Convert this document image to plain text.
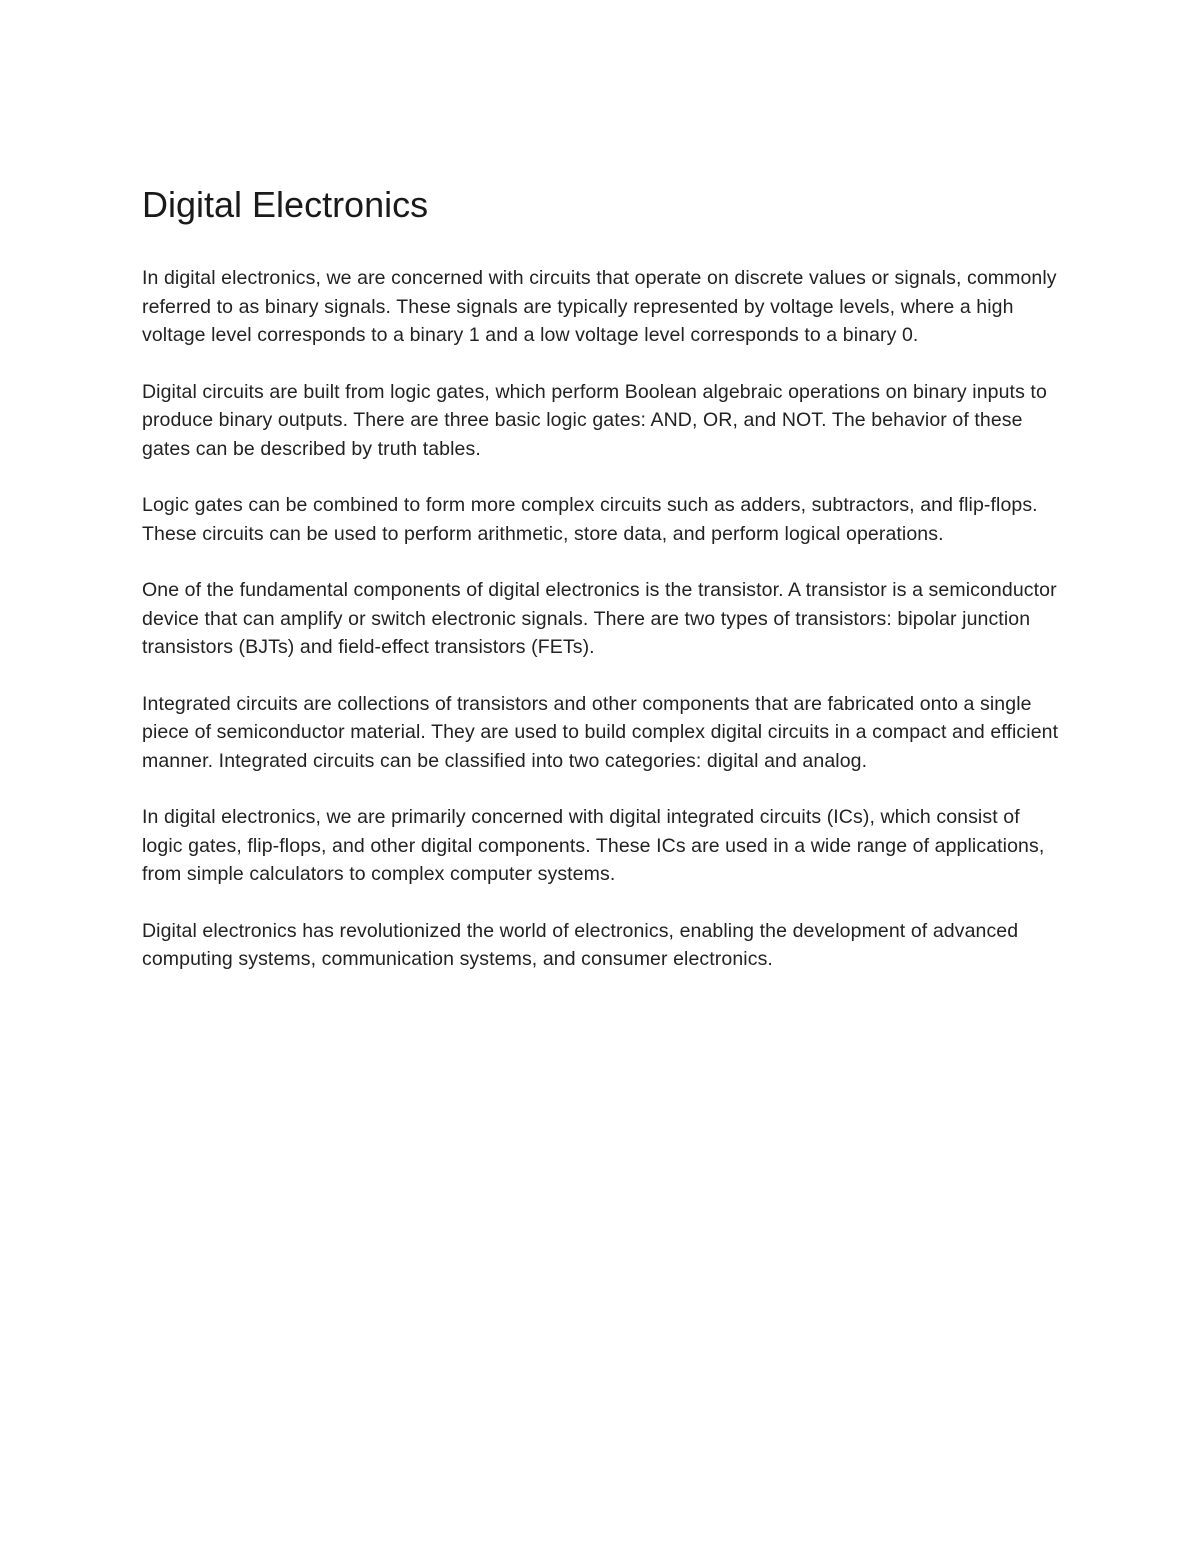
Digital Electronics

In digital electronics, we are concerned with circuits that operate on discrete values or signals, commonly referred to as binary signals. These signals are typically represented by voltage levels, where a high voltage level corresponds to a binary 1 and a low voltage level corresponds to a binary 0.

Digital circuits are built from logic gates, which perform Boolean algebraic operations on binary inputs to produce binary outputs. There are three basic logic gates: AND, OR, and NOT. The behavior of these gates can be described by truth tables.

Logic gates can be combined to form more complex circuits such as adders, subtractors, and flip-flops. These circuits can be used to perform arithmetic, store data, and perform logical operations.

One of the fundamental components of digital electronics is the transistor. A transistor is a semiconductor device that can amplify or switch electronic signals. There are two types of transistors: bipolar junction transistors (BJTs) and field-effect transistors (FETs).

Integrated circuits are collections of transistors and other components that are fabricated onto a single piece of semiconductor material. They are used to build complex digital circuits in a compact and efficient manner. Integrated circuits can be classified into two categories: digital and analog.

In digital electronics, we are primarily concerned with digital integrated circuits (ICs), which consist of logic gates, flip-flops, and other digital components. These ICs are used in a wide range of applications, from simple calculators to complex computer systems.

Digital electronics has revolutionized the world of electronics, enabling the development of advanced computing systems, communication systems, and consumer electronics.
